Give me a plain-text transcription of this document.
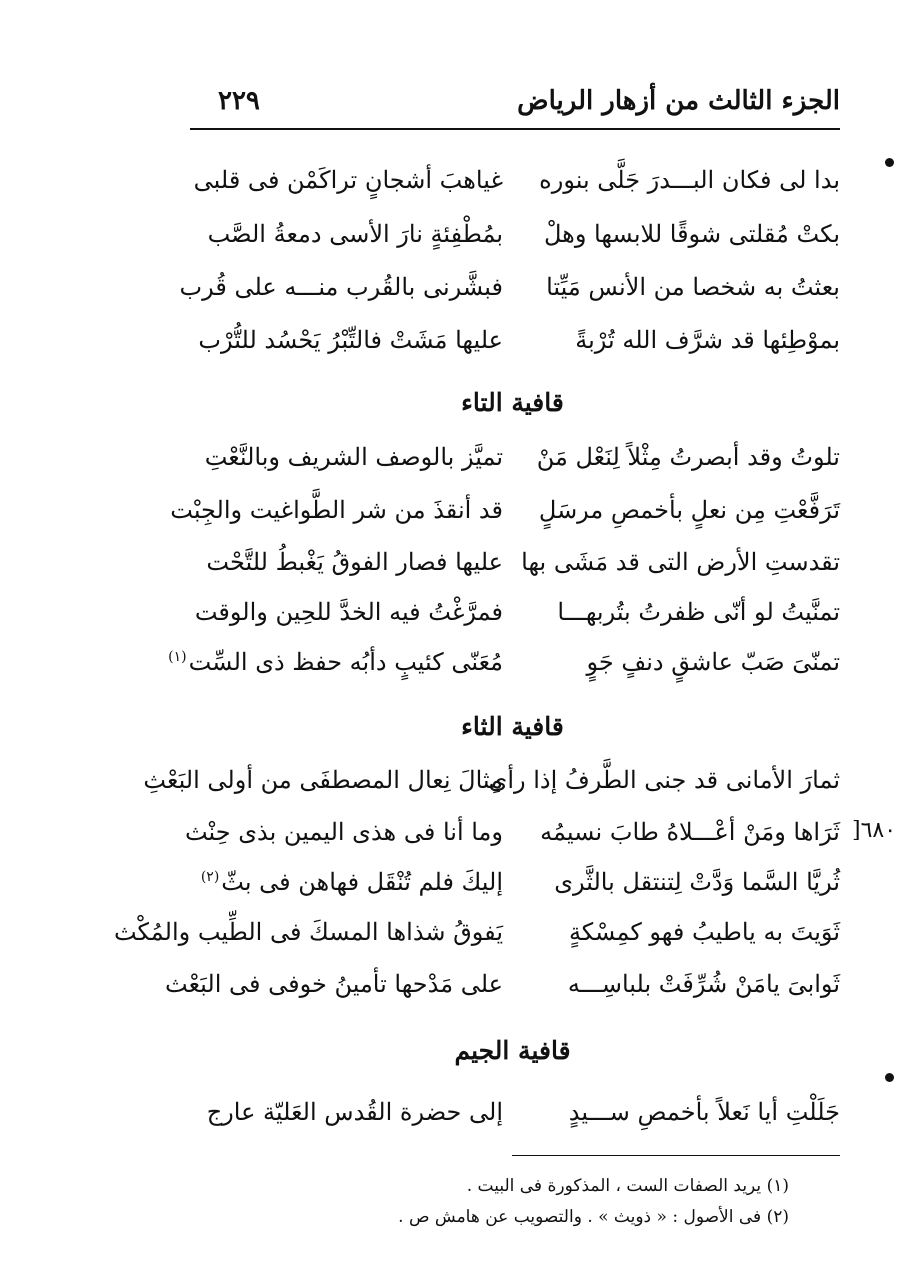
الجزء الثالث من أزهار الرياض
٢٢٩
]٦٨٠
بدا لى فكان البـــدرَ جَلَّى بنوره
غياهبَ أشجانٍ تراكَمْن فى قلبى
بكتْ مُقلتى شوقًا للابسها وهلْ
بمُطْفِئةٍ نارَ الأسى دمعةُ الصَّب
بعثتُ به شخصا من الأنس مَيِّتا
فبشَّرنى بالقُرب منـــه على قُرب
بموْطِئها قد شرَّف الله تُرْبةً
عليها مَشَتْ فالتِّبْرُ يَحْسُد للتُّرْب
قافية التاء
تلوتُ وقد أبصرتُ مِثْلاً لِنَعْل مَنْ
تميَّز بالوصف الشريف وبالنَّعْتِ
تَرَفَّعْتِ مِن نعلٍ بأخمصِ مرسَلٍ
قد أنقذَ من شر الطَّواغيت والجِبْت
تقدستِ الأرض التى قد مَشَى بها
عليها فصار الفوقُ يَغْبطُ للتَّحْت
تمنَّيتُ لو أنّى ظفرتُ بتُربهـــا
فمرَّغْتُ فيه الخدَّ للحِين والوقت
تمنّىَ صَبّ عاشقٍ دنفٍ جَوٍ
مُعَنّى كئيبٍ دأبُه حفظ ذى السِّت$^{(١)}$
قافية الثاء
ثمارَ الأمانى قد جنى الطَّرفُ إذا رأى
مِثالَ نِعال المصطفَى من أولى البَعْثِ
ثَرَاها ومَنْ أعْـــلاهُ طابَ نسيمُه
وما أنا فى هذى اليمين بذى حِنْث
ثُريَّا السَّما وَدَّتْ لِتنتقل بالثَّرى
إليكَ فلم تُنْقَل فهاهن فى بثّ$^{(٢)}$
ثَوَيتَ به ياطيبُ فهو كمِسْكةٍ
يَفوقُ شذاها المسكَ فى الطِّيب والمُكْث
ثَوابىَ يامَنْ شُرِّفَتْ بلباسِـــه
على مَدْحها تأمينُ خوفى فى البَعْث
قافية الجيم
جَلَلْتِ أيا نَعلاً بأخمصِ ســـيدٍ
إلى حضرة القُدس العَليّة عارج
(١) يريد الصفات الست ، المذكورة فى البيت .
(٢) فى الأصول : « ذويث » . والتصويب عن هامش ص .
